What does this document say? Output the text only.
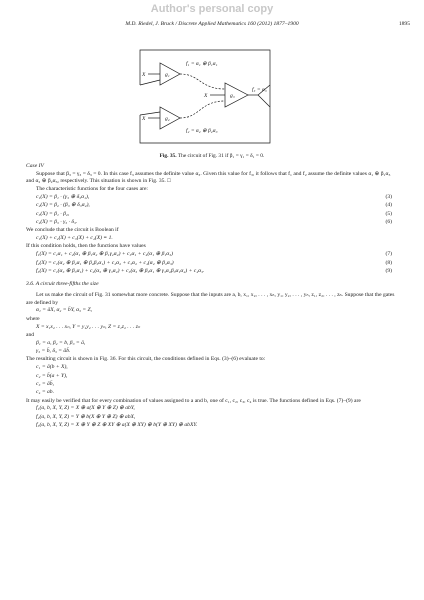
Author's personal copy
M.D. Riedel, J. Bruck / Discrete Applied Mathematics 160 (2012) 1877–1900	1895
g₁
g₂
g₃
f₁ = α₁ ⊕ β₁α₁
f₂ = α₂ ⊕ β₂α₃
f₃ = α₃
X
X
X
Fig. 35. The circuit of Fig. 31 if β₁ = γ₁ = δ₁ = 0.
Case IV

Suppose that β₃ = γ₃ = δ₃ = 0. In this case f₃ assumes the definite value α₃. Given this value for f₃, it follows that f₁ and f₂ assume the definite values α₁ ⊕ β₁α₃ and α₂ ⊕ β₂α₃, respectively. This situation is shown in Fig. 35. □

The characteristic functions for the four cases are:

c₁(X) = β₁ · (γ₃ ⊕ δ₃α₁),	(3)
c₂(X) = β₂ · (β₃ ⊕ δ₃α₂),	(4)
c₃(X) = β₁ · β₂,	(5)
c₄(X) = β₃ · γ₃ · δ₃.	(6)

We conclude that the circuit is Boolean if

c₁(X) + c₂(X) + c₃(X) + c₄(X) ≡ 1.

If this condition holds, then the functions have values

f₁(X) = c₁α₁ + c₂(α₁ ⊕ β₁α₂ ⊕ β₁γ₂α₂) + c₃α₁ + c₄(α₁ ⊕ β₁α₃)	(7)
f₂(X) = c₁(α₂ ⊕ β₂α₁ ⊕ β₂β₃α₁) + c₂α₂ + c₃α₂ + c₄(α₂ ⊕ β₂α₃)	(8)
f₃(X) = c₁(α₃ ⊕ β₃α₁) + c₂(α₃ ⊕ γ₃α₂) + c₃(α₃ ⊕ β₃α₁ ⊕ γ₃α₂β₃α₁α₂) + c₄α₃.	(9)
3.6. A circuit three-fifths the size

Let us make the circuit of Fig. 31 somewhat more concrete. Suppose that the inputs are a, b, x₁, x₂, . . . , xₙ, y₁, y₂, . . . , yₙ, z₁, z₂, . . . , zₙ. Suppose that the gates are defined by

α₁ = āX, α₂ = b̄Y, α₃ = Z,

where

X = x₁x₂ . . . xₙ, Y = y₁y₂ . . . yₙ, Z = z₁z₂ . . . zₙ

and

β₁ = a, β₂ = b, β₃ = ā,
γ₃ = b̄, δ₃ = āb̄.

The resulting circuit is shown in Fig. 36. For this circuit, the conditions defined in Eqs. (3)–(6) evaluate to:

c₁ = ā(b + X),
c₂ = b̄(a + Y),
c₃ = āb̄,
c₄ = ab.

It may easily be verified that for every combination of values assigned to a and b, one of c₁, c₂, c₃, c₄ is true. The functions defined in Eqs. (7)–(9) are

f₁(a, b, X, Y, Z) = X ⊕ a(X ⊕ Y ⊕ Z) ⊕ abY,
f₂(a, b, X, Y, Z) = Y ⊕ b(X ⊕ Y ⊕ Z) ⊕ abX,
f₃(a, b, X, Y, Z) = X ⊕ Y ⊕ Z ⊕ XY ⊕ a(X ⊕ XY) ⊕ b(Y ⊕ XY) ⊕ abXY.
